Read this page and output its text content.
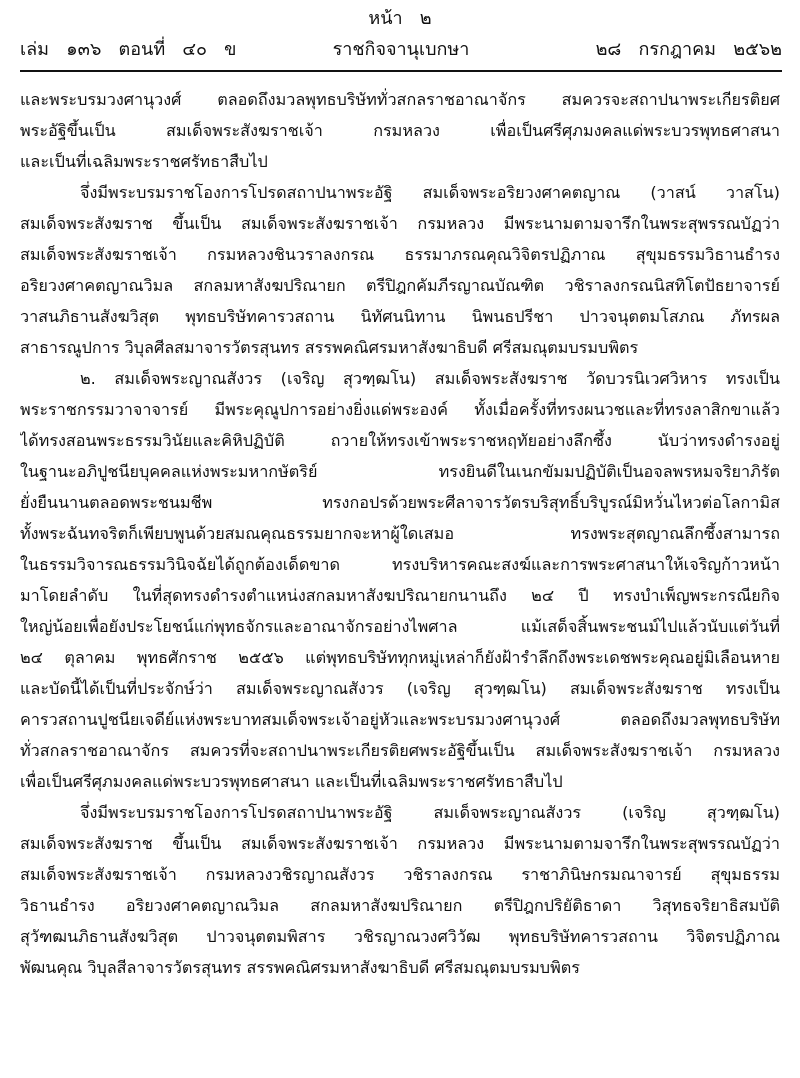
หน้า   ๒

เล่ม   ๑๓๖   ตอนที่   ๔๐   ข

	ราชกิจจานุเบกษา

	๒๘   กรกฎาคม   ๒๕๖๒

และพระบรมวงศานุวงศ์ ตลอดถึงมวลพุทธบริษัททั่วสกลราชอาณาจักร สมควรจะสถาปนาพระเกียรติยศ
พระอัฐิขึ้นเป็น สมเด็จพระสังฆราชเจ้า กรมหลวง เพื่อเป็นศรีศุภมงคลแด่พระบวรพุทธศาสนา
และเป็นที่เฉลิมพระราชศรัทธาสืบไป
จึ่งมีพระบรมราชโองการโปรดสถาปนาพระอัฐิ สมเด็จพระอริยวงศาคตญาณ (วาสน์ วาสโน)
สมเด็จพระสังฆราช ขึ้นเป็น สมเด็จพระสังฆราชเจ้า กรมหลวง มีพระนามตามจารึกในพระสุพรรณบัฏว่า
สมเด็จพระสังฆราชเจ้า กรมหลวงชินวราลงกรณ ธรรมาภรณคุณวิจิตรปฏิภาณ สุขุมธรรมวิธานธำรง
อริยวงศาคตญาณวิมล สกลมหาสังฆปริณายก ตรีปิฎกคัมภีรญาณบัณฑิต วชิราลงกรณนิสทิโตปัธยาจารย์
วาสนภิธานสังฆวิสุต พุทธบริษัทคารวสถาน นิทัศนนิทาน นิพนธปรีชา ปาวจนุตตมโสภณ ภัทรผล
สาธารณูปการ วิบุลศีลสมาจารวัตรสุนทร สรรพคณิศรมหาสังฆาธิบดี ศรีสมณุตมบรมบพิตร
๒. สมเด็จพระญาณสังวร (เจริญ สุวฑฺฒโน) สมเด็จพระสังฆราช วัดบวรนิเวศวิหาร ทรงเป็น
พระราชกรรมวาจาจารย์ มีพระคุณูปการอย่างยิ่งแด่พระองค์ ทั้งเมื่อครั้งที่ทรงผนวชและที่ทรงลาสิกขาแล้ว
ได้ทรงสอนพระธรรมวินัยและคิหิปฏิบัติ ถวายให้ทรงเข้าพระราชหฤทัยอย่างลึกซึ้ง นับว่าทรงดำรงอยู่
ในฐานะอภิปูชนียบุคคลแห่งพระมหากษัตริย์ ทรงยินดีในเนกขัมมปฏิบัติเป็นอจลพรหมจริยาภิรัต
ยั่งยืนนานตลอดพระชนมชีพ ทรงกอปรด้วยพระศีลาจารวัตรบริสุทธิ์บริบูรณ์มิหวั่นไหวต่อโลกามิส
ทั้งพระฉันทจริตก็เพียบพูนด้วยสมณคุณธรรมยากจะหาผู้ใดเสมอ ทรงพระสุตญาณลึกซึ้งสามารถ
ในธรรมวิจารณธรรมวินิจฉัยได้ถูกต้องเด็ดขาด ทรงบริหารคณะสงฆ์และการพระศาสนาให้เจริญก้าวหน้า
มาโดยลำดับ ในที่สุดทรงดำรงตำแหน่งสกลมหาสังฆปริณายกนานถึง ๒๔ ปี ทรงบำเพ็ญพระกรณียกิจ
ใหญ่น้อยเพื่อยังประโยชน์แก่พุทธจักรและอาณาจักรอย่างไพศาล แม้เสด็จสิ้นพระชนม์ไปแล้วนับแต่วันที่
๒๔ ตุลาคม พุทธศักราช ๒๕๕๖ แต่พุทธบริษัททุกหมู่เหล่าก็ยังฝ้ารำลึกถึงพระเดชพระคุณอยู่มิเลือนหาย
และบัดนี้ได้เป็นที่ประจักษ์ว่า สมเด็จพระญาณสังวร (เจริญ สุวฑฺฒโน) สมเด็จพระสังฆราช ทรงเป็น
คารวสถานปูชนียเจดีย์แห่งพระบาทสมเด็จพระเจ้าอยู่หัวและพระบรมวงศานุวงศ์ ตลอดถึงมวลพุทธบริษัท
ทั่วสกลราชอาณาจักร สมควรที่จะสถาปนาพระเกียรติยศพระอัฐิขึ้นเป็น สมเด็จพระสังฆราชเจ้า กรมหลวง
เพื่อเป็นศรีศุภมงคลแด่พระบวรพุทธศาสนา และเป็นที่เฉลิมพระราชศรัทธาสืบไป
จึ่งมีพระบรมราชโองการโปรดสถาปนาพระอัฐิ สมเด็จพระญาณสังวร (เจริญ สุวฑฺฒโน)
สมเด็จพระสังฆราช ขึ้นเป็น สมเด็จพระสังฆราชเจ้า กรมหลวง มีพระนามตามจารึกในพระสุพรรณบัฏว่า
สมเด็จพระสังฆราชเจ้า กรมหลวงวชิรญาณสังวร วชิราลงกรณ ราชาภินิษกรมณาจารย์ สุขุมธรรม
วิธานธำรง อริยวงศาคตญาณวิมล สกลมหาสังฆปริณายก ตรีปิฎกปริยัติธาดา วิสุทธจริยาธิสมบัติ
สุวัฑฒนภิธานสังฆวิสุต ปาวจนุตตมพิสาร วชิรญาณวงศวิวัฒ พุทธบริษัทคารวสถาน วิจิตรปฏิภาณ
พัฒนคุณ วิบุลสีลาจารวัตรสุนทร สรรพคณิศรมหาสังฆาธิบดี ศรีสมณุตมบรมบพิตร
